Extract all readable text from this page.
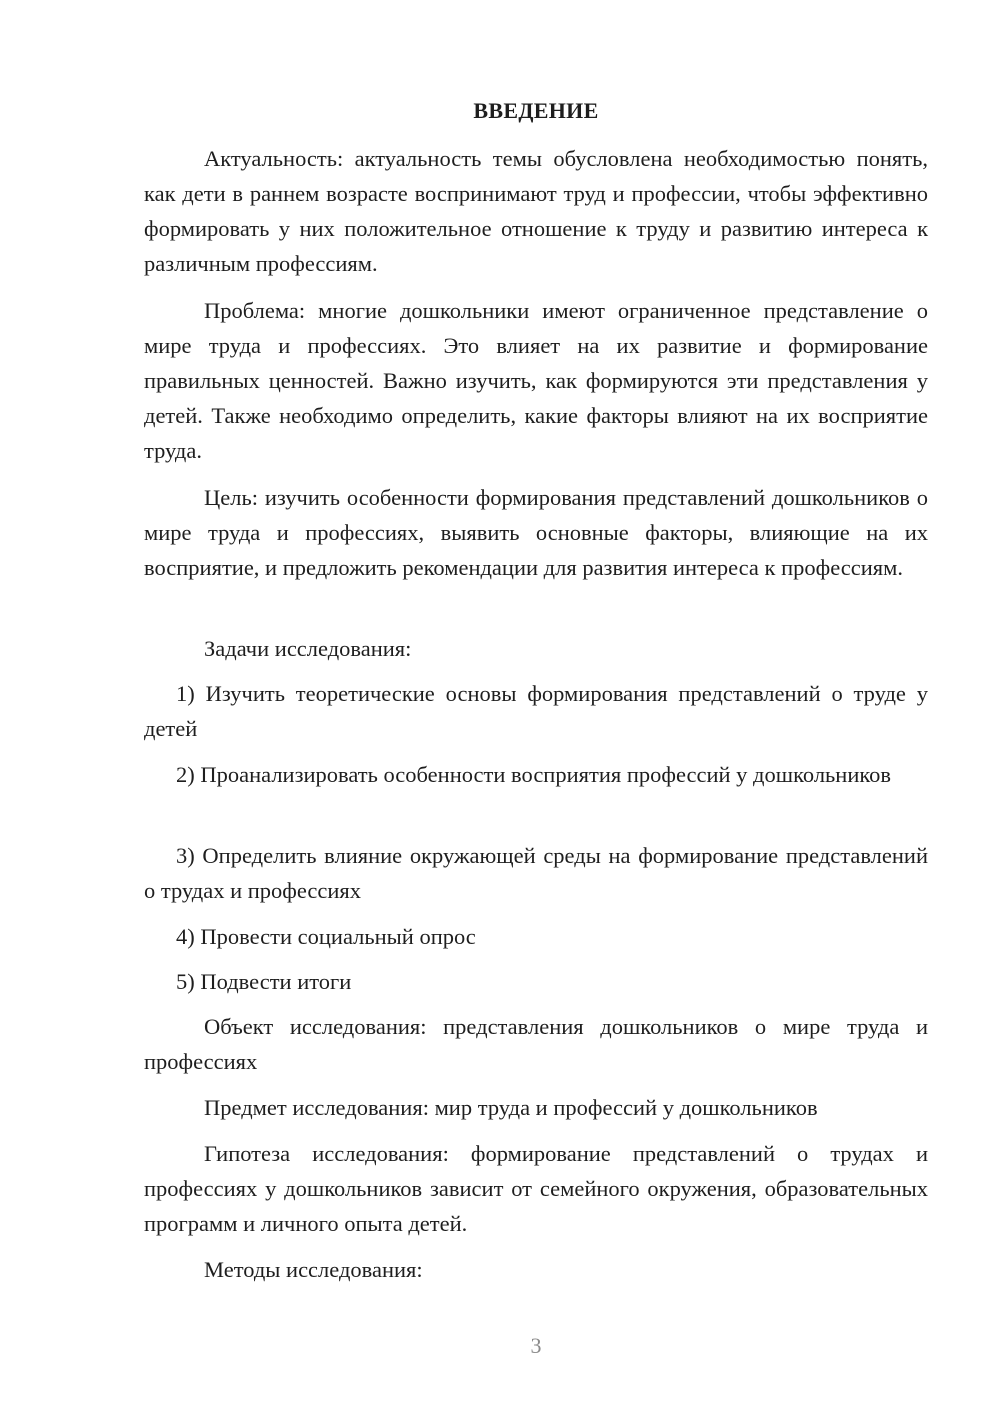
ВВЕДЕНИЕ

Актуальность: актуальность темы обусловлена необходимостью понять, как дети в раннем возрасте воспринимают труд и профессии, чтобы эффективно формировать у них положительное отношение к труду и развитию интереса к различным профессиям.

Проблема: многие дошкольники имеют ограниченное представление о мире труда и профессиях. Это влияет на их развитие и формирование правильных ценностей. Важно изучить, как формируются эти представления у детей. Также необходимо определить, какие факторы влияют на их восприятие труда.

Цель: изучить особенности формирования представлений дошкольников о мире труда и профессиях, выявить основные факторы, влияющие на их восприятие, и предложить рекомендации для развития интереса к профессиям.

Задачи исследования:

1) Изучить теоретические основы формирования представлений о труде у детей

2) Проанализировать особенности восприятия профессий у дошкольников

3) Определить влияние окружающей среды на формирование представлений о трудах и профессиях

4) Провести социальный опрос

5) Подвести итоги

Объект исследования: представления дошкольников о мире труда и профессиях

Предмет исследования: мир труда и профессий у дошкольников

Гипотеза исследования: формирование представлений о трудах и профессиях у дошкольников зависит от семейного окружения, образовательных программ и личного опыта детей.

Методы исследования:

3
